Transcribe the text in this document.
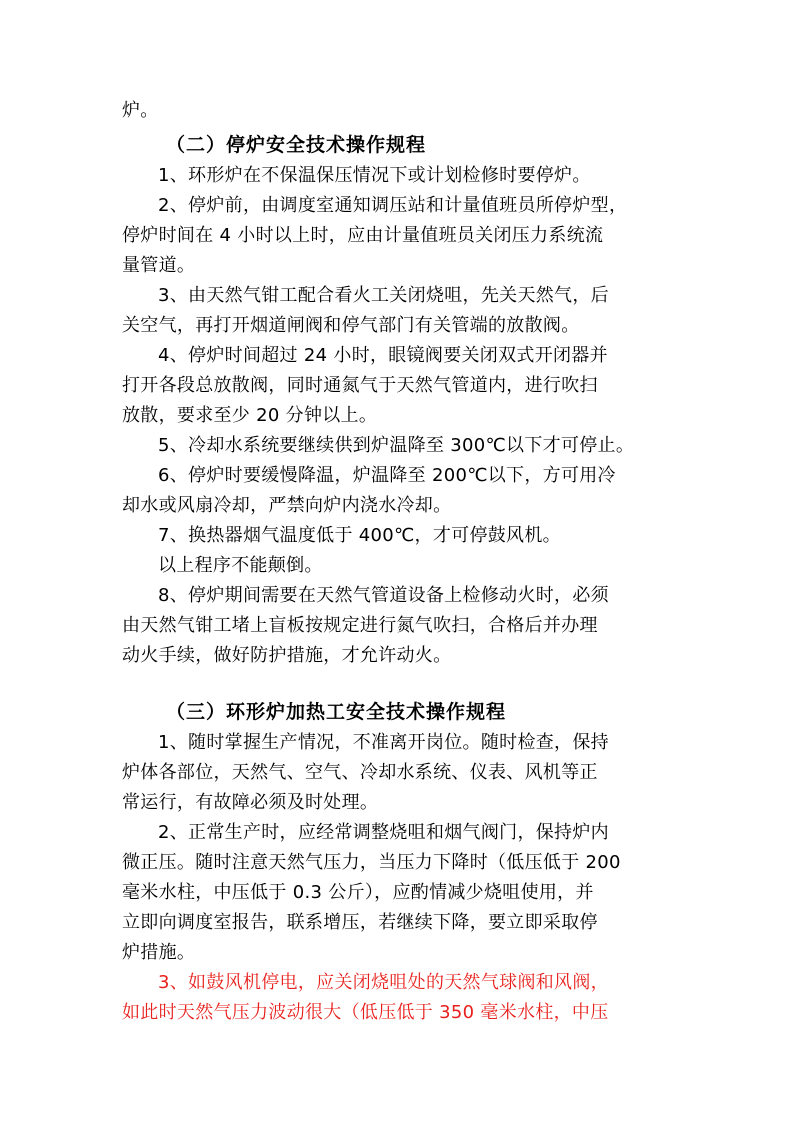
炉。
（二）停炉安全技术操作规程
1、环形炉在不保温保压情况下或计划检修时要停炉。
2、停炉前，由调度室通知调压站和计量值班员所停炉型，
停炉时间在 4 小时以上时，应由计量值班员关闭压力系统流
量管道。
3、由天然气钳工配合看火工关闭烧咀，先关天然气，后
关空气，再打开烟道闸阀和停气部门有关管端的放散阀。
4、停炉时间超过 24 小时，眼镜阀要关闭双式开闭器并
打开各段总放散阀，同时通氮气于天然气管道内，进行吹扫
放散，要求至少 20 分钟以上。
5、冷却水系统要继续供到炉温降至 300℃以下才可停止。
6、停炉时要缓慢降温，炉温降至 200℃以下，方可用冷
却水或风扇冷却，严禁向炉内浇水冷却。
7、换热器烟气温度低于 400℃，才可停鼓风机。
以上程序不能颠倒。
8、停炉期间需要在天然气管道设备上检修动火时，必须
由天然气钳工堵上盲板按规定进行氮气吹扫，合格后并办理
动火手续，做好防护措施，才允许动火。
（三）环形炉加热工安全技术操作规程
1、随时掌握生产情况，不准离开岗位。随时检查，保持
炉体各部位，天然气、空气、冷却水系统、仪表、风机等正
常运行，有故障必须及时处理。
2、正常生产时，应经常调整烧咀和烟气阀门，保持炉内
微正压。随时注意天然气压力，当压力下降时（低压低于 200
毫米水柱，中压低于 0.3 公斤），应酌情减少烧咀使用，并
立即向调度室报告，联系增压，若继续下降，要立即采取停
炉措施。
3、如鼓风机停电，应关闭烧咀处的天然气球阀和风阀，
如此时天然气压力波动很大（低压低于 350 毫米水柱，中压
